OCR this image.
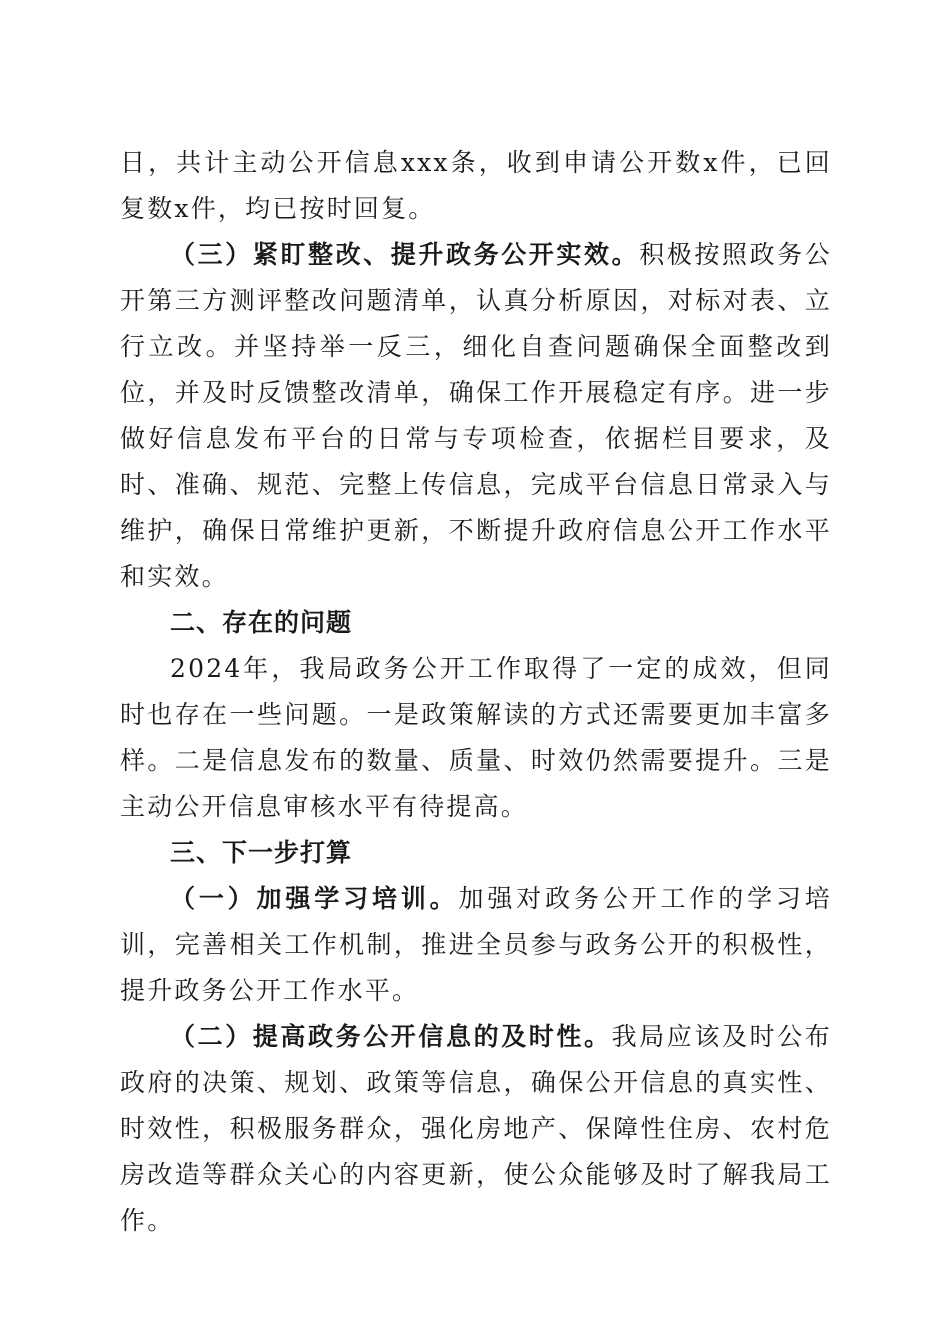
日，共计主动公开信息xxx条，收到申请公开数x件，已回复数x件，均已按时回复。

（三）紧盯整改、提升政务公开实效。积极按照政务公开第三方测评整改问题清单，认真分析原因，对标对表、立行立改。并坚持举一反三，细化自查问题确保全面整改到位，并及时反馈整改清单，确保工作开展稳定有序。进一步做好信息发布平台的日常与专项检查，依据栏目要求，及时、准确、规范、完整上传信息，完成平台信息日常录入与维护，确保日常维护更新，不断提升政府信息公开工作水平和实效。

二、存在的问题

2024年，我局政务公开工作取得了一定的成效，但同时也存在一些问题。一是政策解读的方式还需要更加丰富多样。二是信息发布的数量、质量、时效仍然需要提升。三是主动公开信息审核水平有待提高。

三、下一步打算

（一）加强学习培训。加强对政务公开工作的学习培训，完善相关工作机制，推进全员参与政务公开的积极性，提升政务公开工作水平。

（二）提高政务公开信息的及时性。我局应该及时公布政府的决策、规划、政策等信息，确保公开信息的真实性、时效性，积极服务群众，强化房地产、保障性住房、农村危房改造等群众关心的内容更新，使公众能够及时了解我局工作。
